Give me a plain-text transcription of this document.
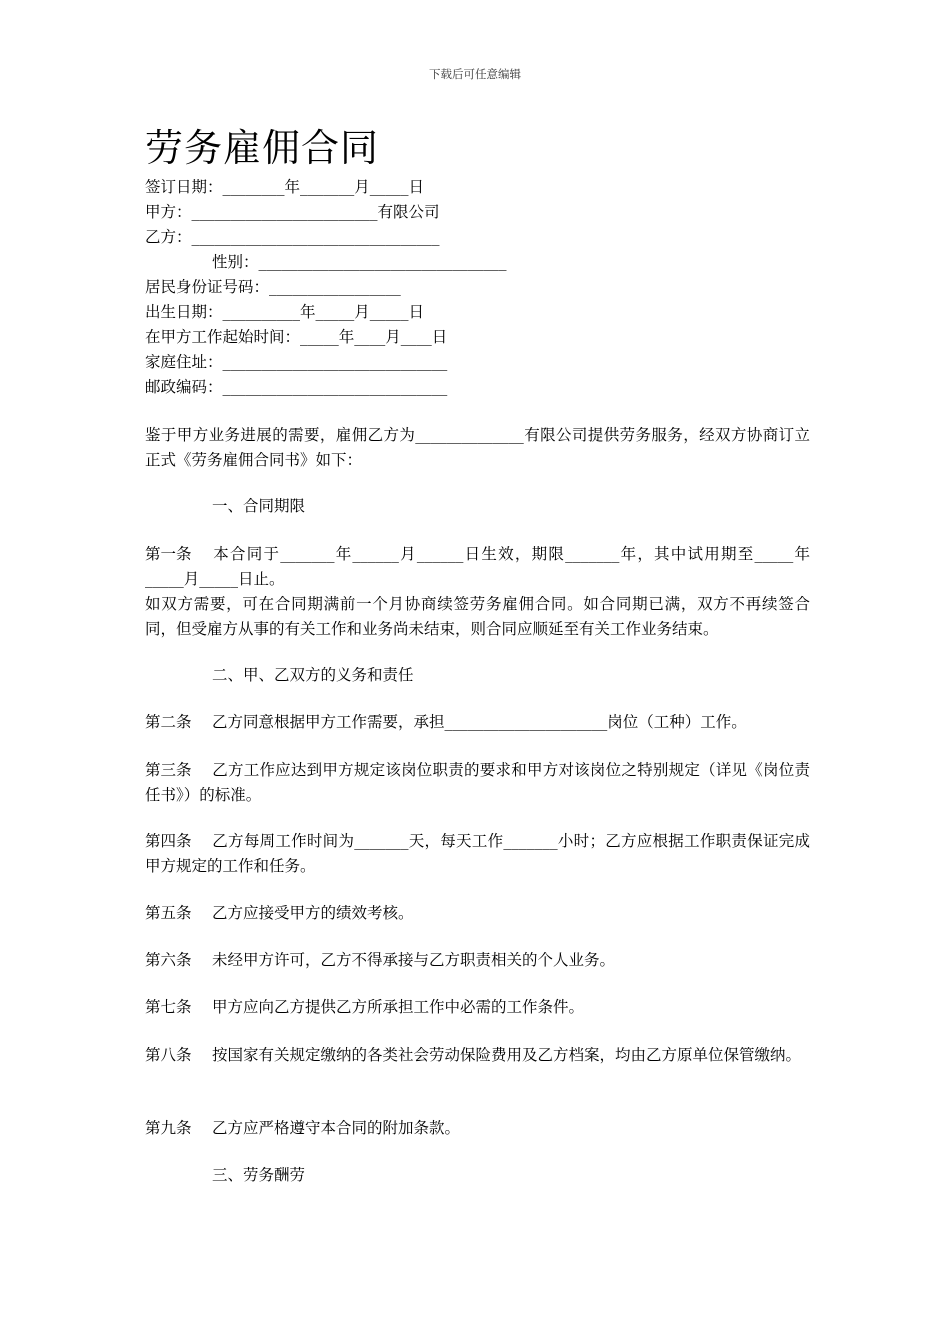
下载后可任意编辑
劳务雇佣合同
签订日期：________年_______月_____日
甲方：________________________有限公司
乙方：________________________________
性别：________________________________
居民身份证号码：_________________
出生日期：__________年_____月_____日
在甲方工作起始时间：_____年____月____日
家庭住址：_____________________________
邮政编码：_____________________________
鉴于甲方业务进展的需要，雇佣乙方为______________有限公司提供劳务服务，经双方协商订立正式《劳务雇佣合同书》如下：
一、合同期限
第一条 本合同于_______年______月______日生效，期限_______年，其中试用期至_____年_____月_____日止。
如双方需要，可在合同期满前一个月协商续签劳务雇佣合同。如合同期已满，双方不再续签合同，但受雇方从事的有关工作和业务尚未结束，则合同应顺延至有关工作业务结束。
二、甲、乙双方的义务和责任
第二条 乙方同意根据甲方工作需要，承担_____________________岗位（工种）工作。
第三条 乙方工作应达到甲方规定该岗位职责的要求和甲方对该岗位之特别规定（详见《岗位责任书》）的标准。
第四条 乙方每周工作时间为_______天，每天工作_______小时；乙方应根据工作职责保证完成甲方规定的工作和任务。
第五条 乙方应接受甲方的绩效考核。
第六条 未经甲方许可，乙方不得承接与乙方职责相关的个人业务。
第七条 甲方应向乙方提供乙方所承担工作中必需的工作条件。
第八条 按国家有关规定缴纳的各类社会劳动保险费用及乙方档案，均由乙方原单位保管缴纳。
第九条 乙方应严格遵守本合同的附加条款。
三、劳务酬劳
